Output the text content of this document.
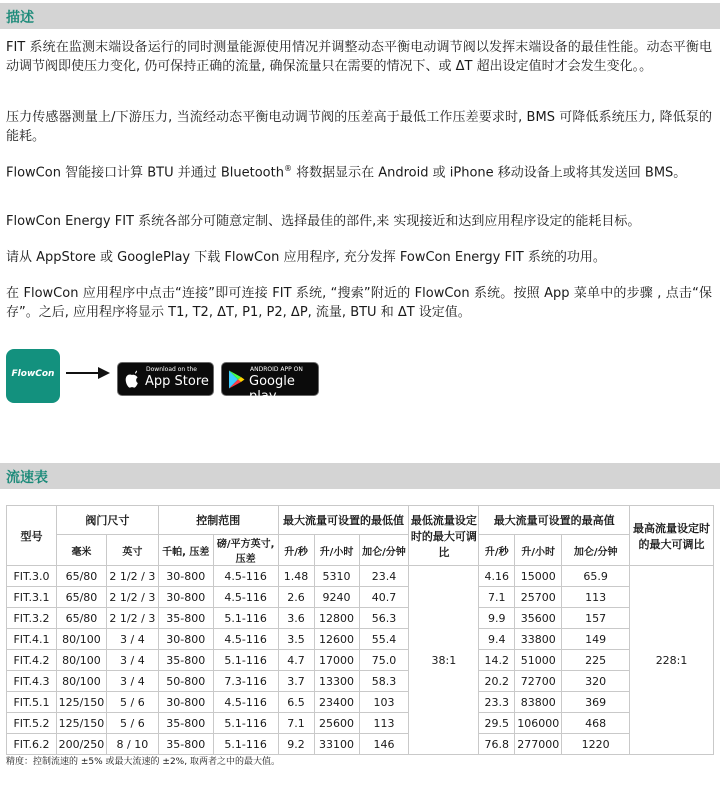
描述
FIT 系统在监测末端设备运行的同时测量能源使用情况并调整动态平衡电动调节阀以发挥末端设备的最佳性能。动态平衡电动调节阀即使压力变化, 仍可保持正确的流量, 确保流量只在需要的情况下、或 ΔT 超出设定值时才会发生变化。。
压力传感器测量上/下游压力, 当流经动态平衡电动调节阀的压差高于最低工作压差要求时, BMS 可降低系统压力, 降低泵的能耗。
FlowCon 智能接口计算 BTU 并通过 Bluetooth® 将数据显示在 Android 或 iPhone 移动设备上或将其发送回 BMS。
FlowCon Energy FIT 系统各部分可随意定制、选择最佳的部件,来 实现接近和达到应用程序设定的能耗目标。
请从 AppStore 或 GooglePlay 下载 FlowCon 应用程序, 充分发挥 FowCon Energy FIT 系统的功用。
在 FlowCon 应用程序中点击“连接”即可连接 FIT 系统, “搜索”附近的 FlowCon 系统。按照 App 菜单中的步骤 , 点击“保存”。之后, 应用程序将显示 T1, T2, ΔT, P1, P2, ΔP, 流量, BTU 和 ΔT 设定值。
FlowCon	Download on the
App Store
ANDROID APP ON
Google play
流速表
型号	阀门尺寸		控制范围		最大流量可设置的最低值			最低流量设定时的最大可调比	最大流量可设置的最高值			最高流量设定时的最大可调比
	毫米	英寸	千帕, 压差	磅/平方英寸, 压差	升/秒	升/小时	加仑/分钟		升/秒	升/小时	加仑/分钟	
FIT.3.0	65/80	2 1/2 / 3	30-800	4.5-116	1.48	5310	23.4	38:1	4.16	15000	65.9	228:1
FIT.3.1	65/80	2 1/2 / 3	30-800	4.5-116	2.6	9240	40.7		7.1	25700	113	
FIT.3.2	65/80	2 1/2 / 3	35-800	5.1-116	3.6	12800	56.3		9.9	35600	157	
FIT.4.1	80/100	3 / 4	30-800	4.5-116	3.5	12600	55.4		9.4	33800	149	
FIT.4.2	80/100	3 / 4	35-800	5.1-116	4.7	17000	75.0		14.2	51000	225	
FIT.4.3	80/100	3 / 4	50-800	7.3-116	3.7	13300	58.3		20.2	72700	320	
FIT.5.1	125/150	5 / 6	30-800	4.5-116	6.5	23400	103		23.3	83800	369	
FIT.5.2	125/150	5 / 6	35-800	5.1-116	7.1	25600	113		29.5	106000	468	
FIT.6.2	200/250	8 / 10	35-800	5.1-116	9.2	33100	146		76.8	277000	1220	
精度：控制流速的 ±5% 或最大流速的 ±2%, 取两者之中的最大值。
